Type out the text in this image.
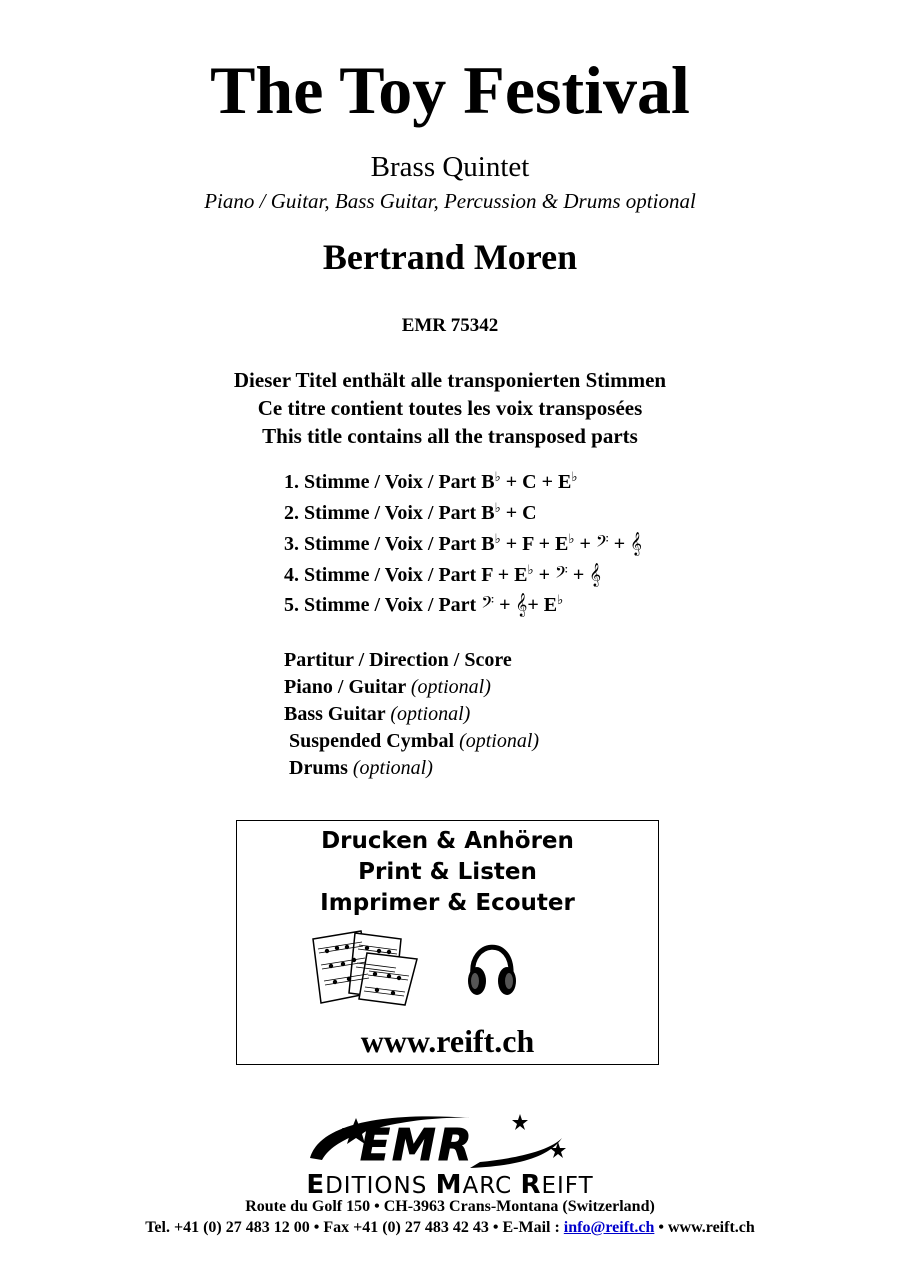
The Toy Festival
Brass Quintet
Piano / Guitar, Bass Guitar, Percussion & Drums optional
Bertrand Moren
EMR 75342
Dieser Titel enthält alle transponierten Stimmen
Ce titre contient toutes les voix transposées
This title contains all the transposed parts
1. Stimme / Voix / Part B♭ + C + E♭
2. Stimme / Voix / Part B♭ + C
3. Stimme / Voix / Part B♭ + F + E♭ + 𝄢 + 𝄞
4. Stimme / Voix / Part F + E♭ + 𝄢 + 𝄞
5. Stimme / Voix / Part 𝄢 + 𝄞+ E♭
Partitur / Direction / Score
Piano / Guitar (optional)
Bass Guitar (optional)
Suspended Cymbal (optional)
Drums (optional)
Drucken & Anhören
Print & Listen
Imprimer & Ecouter
www.reift.ch
EMR
EDITIONS MARC REIFT
Route du Golf 150 • CH-3963 Crans-Montana (Switzerland)
Tel. +41 (0) 27 483 12 00 • Fax +41 (0) 27 483 42 43 • E-Mail : info@reift.ch • www.reift.ch
